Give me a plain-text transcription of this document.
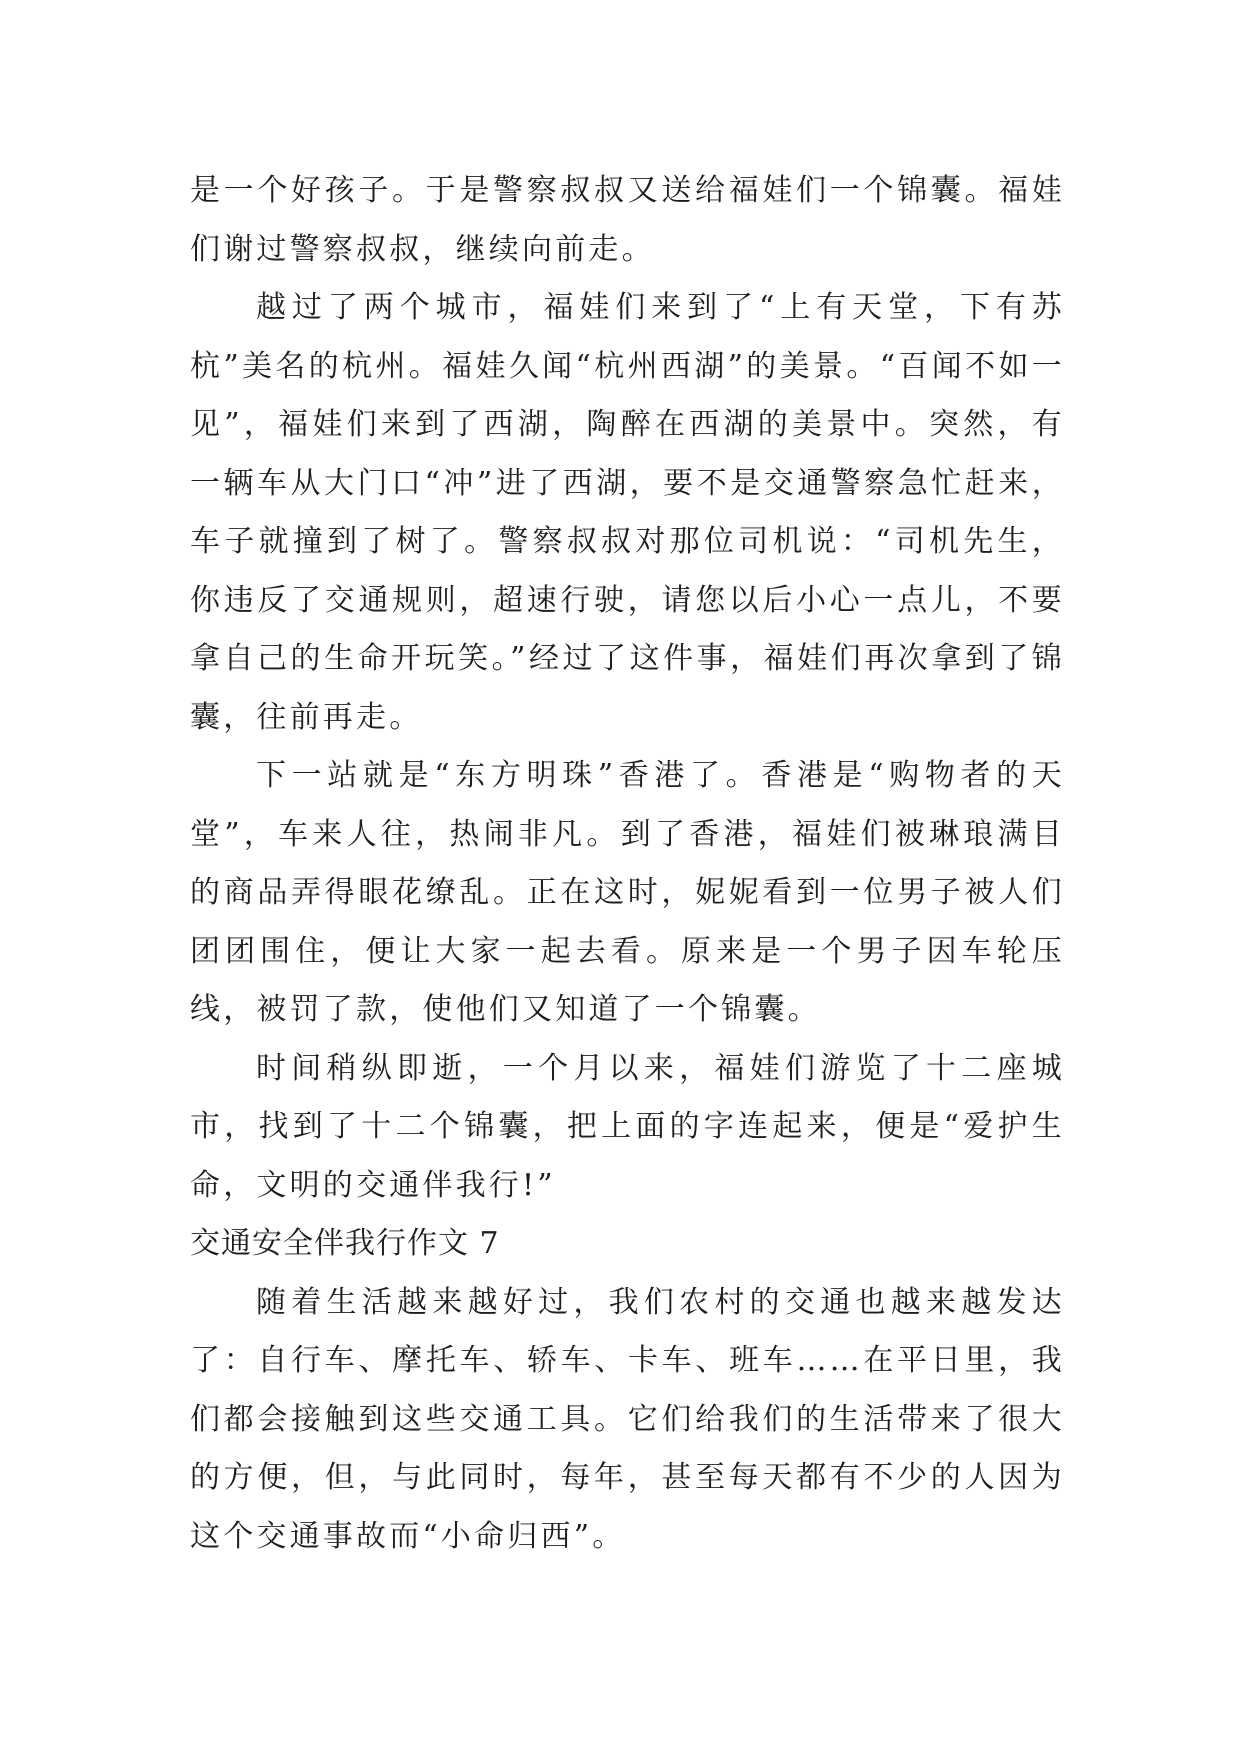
是一个好孩子。于是警察叔叔又送给福娃们一个锦囊。福娃们谢过警察叔叔，继续向前走。

越过了两个城市，福娃们来到了“上有天堂，下有苏杭”美名的杭州。福娃久闻“杭州西湖”的美景。“百闻不如一见”，福娃们来到了西湖，陶醉在西湖的美景中。突然，有一辆车从大门口“冲”进了西湖，要不是交通警察急忙赶来，车子就撞到了树了。警察叔叔对那位司机说：“司机先生，你违反了交通规则，超速行驶，请您以后小心一点儿，不要拿自己的生命开玩笑。”经过了这件事，福娃们再次拿到了锦囊，往前再走。

下一站就是“东方明珠”香港了。香港是“购物者的天堂”，车来人往，热闹非凡。到了香港，福娃们被琳琅满目的商品弄得眼花缭乱。正在这时，妮妮看到一位男子被人们团团围住，便让大家一起去看。原来是一个男子因车轮压线，被罚了款，使他们又知道了一个锦囊。

时间稍纵即逝，一个月以来，福娃们游览了十二座城市，找到了十二个锦囊，把上面的字连起来，便是“爱护生命，文明的交通伴我行!”

交通安全伴我行作文 7

随着生活越来越好过，我们农村的交通也越来越发达了：自行车、摩托车、轿车、卡车、班车……在平日里，我们都会接触到这些交通工具。它们给我们的生活带来了很大的方便，但，与此同时，每年，甚至每天都有不少的人因为这个交通事故而“小命归西”。
